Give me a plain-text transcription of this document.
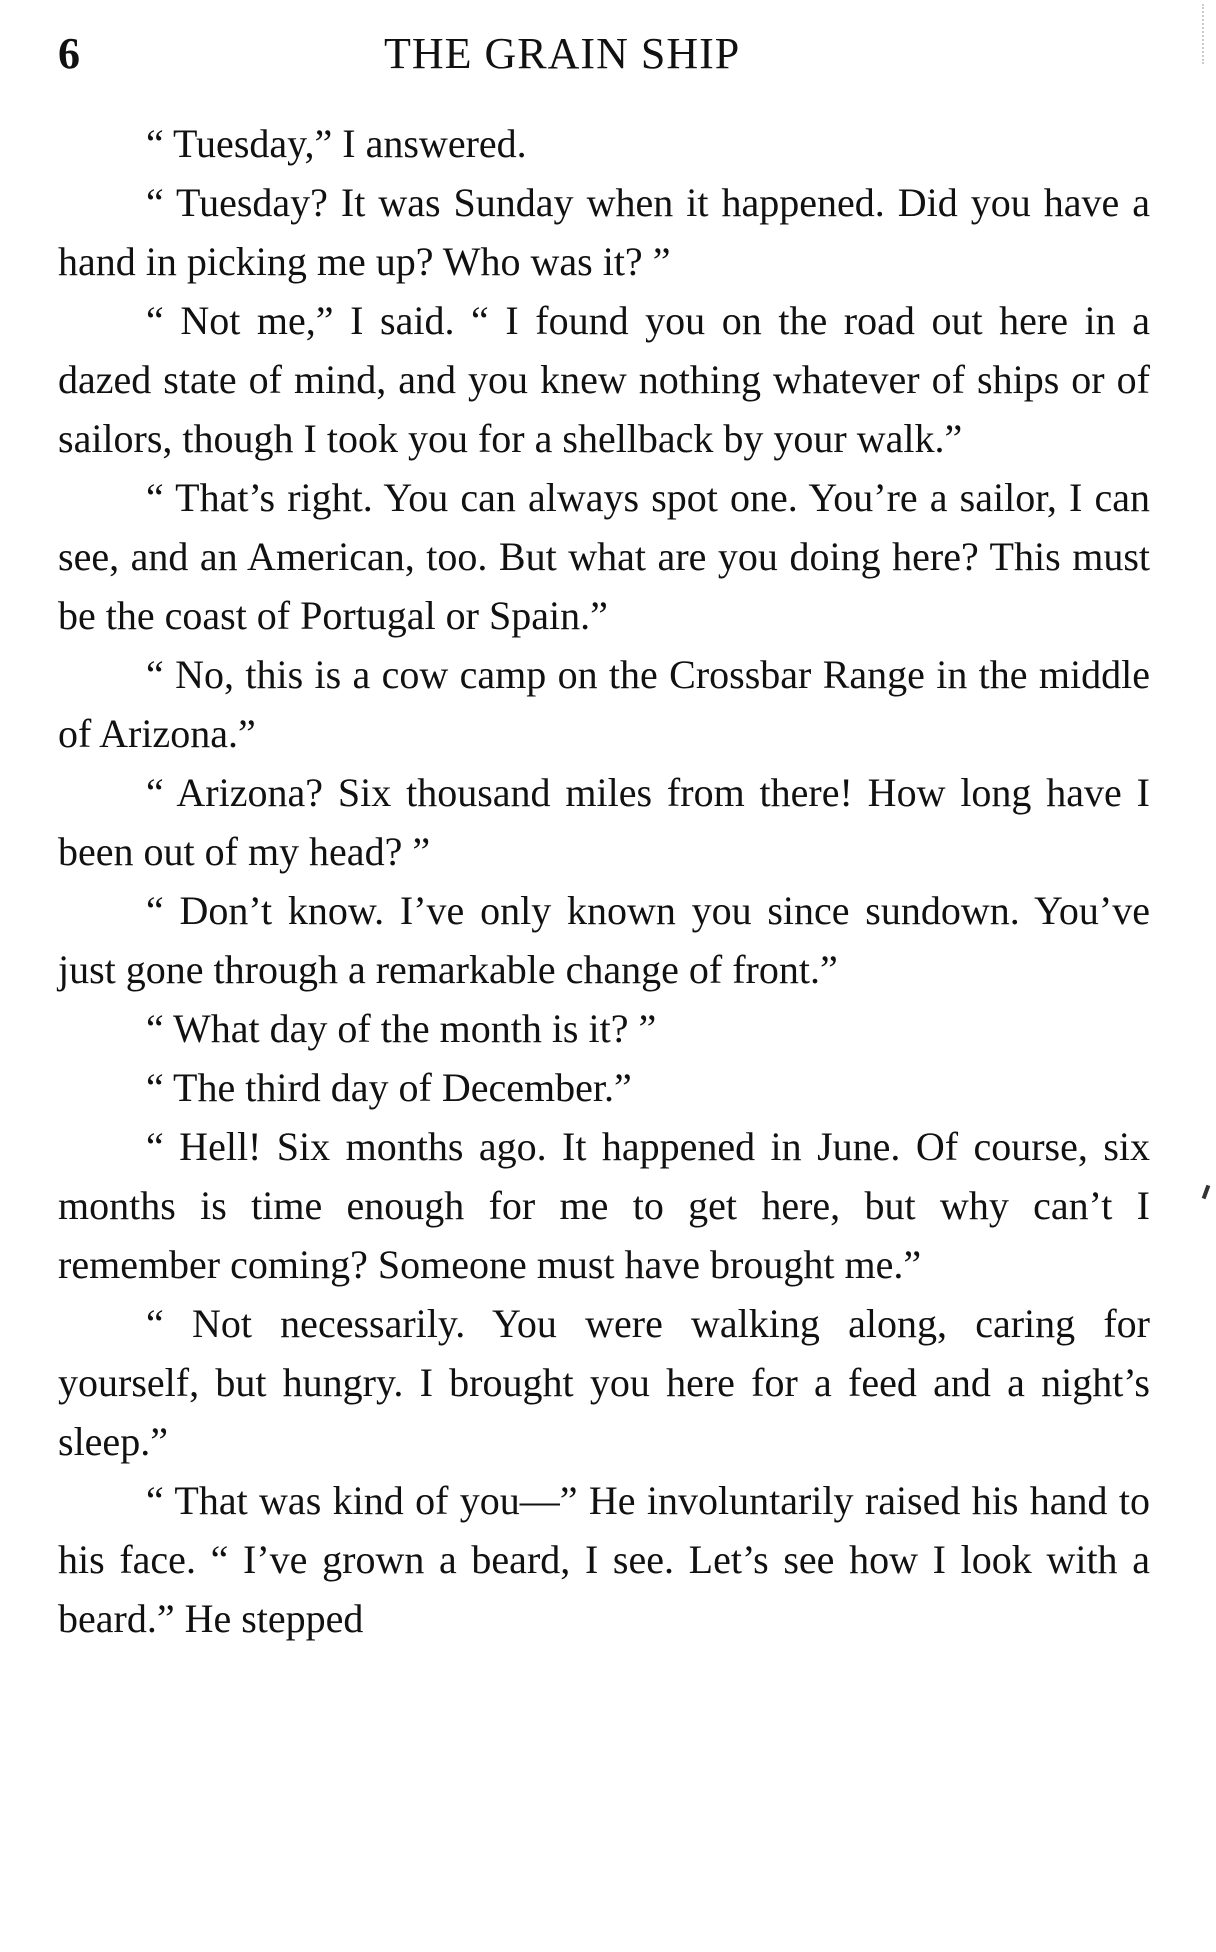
6	THE GRAIN SHIP

“ Tuesday,” I answered.

“ Tuesday? It was Sunday when it happened. Did you have a hand in picking me up? Who was it? ”

“ Not me,” I said. “ I found you on the road out here in a dazed state of mind, and you knew nothing whatever of ships or of sailors, though I took you for a shellback by your walk.”

“ That’s right. You can always spot one. You’re a sailor, I can see, and an American, too. But what are you doing here? This must be the coast of Portugal or Spain.”

“ No, this is a cow camp on the Crossbar Range in the middle of Arizona.”

“ Arizona? Six thousand miles from there! How long have I been out of my head? ”

“ Don’t know. I’ve only known you since sundown. You’ve just gone through a remarkable change of front.”

“ What day of the month is it? ”

“ The third day of December.”

“ Hell! Six months ago. It happened in June. Of course, six months is time enough for me to get here, but why can’t I remember coming? Someone must have brought me.”

“ Not necessarily. You were walking along, caring for yourself, but hungry. I brought you here for a feed and a night’s sleep.”

“ That was kind of you—” He involuntarily raised his hand to his face. “ I’ve grown a beard, I see. Let’s see how I look with a beard.” He stepped
